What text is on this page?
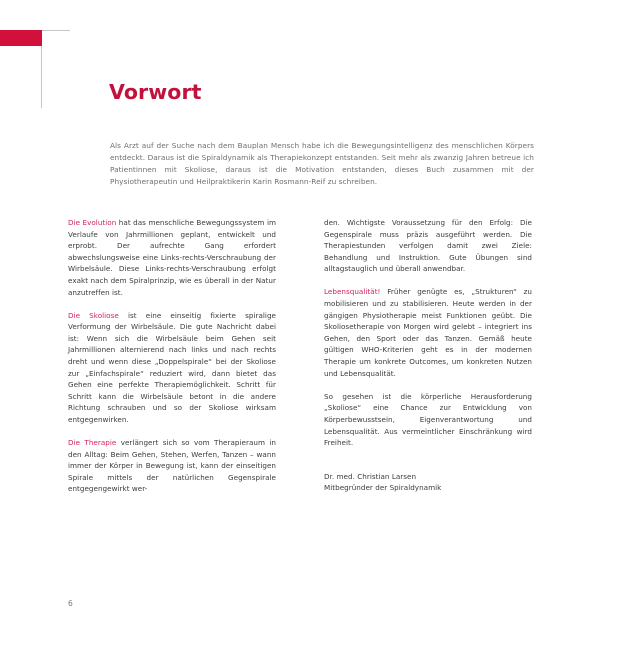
Vorwort

Als Arzt auf der Suche nach dem Bauplan Mensch habe ich die Bewegungsintelligenz des menschlichen Körpers entdeckt. Daraus ist die Spiraldynamik als Therapiekonzept entstanden. Seit mehr als zwanzig Jahren betreue ich Patientinnen mit Skoliose, daraus ist die Motivation entstanden, dieses Buch zusammen mit der Physiotherapeutin und Heilpraktikerin Karin Rosmann-Reif zu schreiben.

Die Evolution hat das menschliche Bewegungssystem im Verlaufe von Jahrmillionen geplant, entwickelt und erprobt. Der aufrechte Gang erfordert abwechslungsweise eine Links-rechts-Verschraubung der Wirbelsäule. Diese Links-rechts-Verschraubung erfolgt exakt nach dem Spiralprinzip, wie es überall in der Natur anzutreffen ist.

Die Skoliose ist eine einseitig fixierte spiralige Verformung der Wirbelsäule. Die gute Nachricht dabei ist: Wenn sich die Wirbelsäule beim Gehen seit Jahrmillionen alternierend nach links und nach rechts dreht und wenn diese „Doppelspirale“ bei der Skoliose zur „Einfachspirale“ reduziert wird, dann bietet das Gehen eine perfekte Therapiemöglichkeit. Schritt für Schritt kann die Wirbelsäule betont in die andere Richtung schrauben und so der Skoliose wirksam entgegenwirken.

Die Therapie verlängert sich so vom Therapieraum in den Alltag: Beim Gehen, Stehen, Werfen, Tanzen – wann immer der Körper in Bewegung ist, kann der einseitigen Spirale mittels der natürlichen Gegenspirale entgegengewirkt wer-

den. Wichtigste Voraussetzung für den Erfolg: Die Gegenspirale muss präzis ausgeführt werden. Die Therapiestunden verfolgen damit zwei Ziele: Behandlung und Instruktion. Gute Übungen sind alltagstauglich und überall anwendbar.

Lebensqualität! Früher genügte es, „Strukturen“ zu mobilisieren und zu stabilisieren. Heute werden in der gängigen Physiotherapie meist Funktionen geübt. Die Skoliosetherapie von Morgen wird gelebt – integriert ins Gehen, den Sport oder das Tanzen. Gemäß heute gültigen WHO-Kriterien geht es in der modernen Therapie um konkrete Outcomes, um konkreten Nutzen und Lebensqualität.

So gesehen ist die körperliche Herausforderung „Skoliose“ eine Chance zur Entwicklung von Körperbewusstsein, Eigenverantwortung und Lebensqualität. Aus vermeintlicher Einschränkung wird Freiheit.

Dr. med. Christian Larsen

Mitbegründer der Spiraldynamik

6
